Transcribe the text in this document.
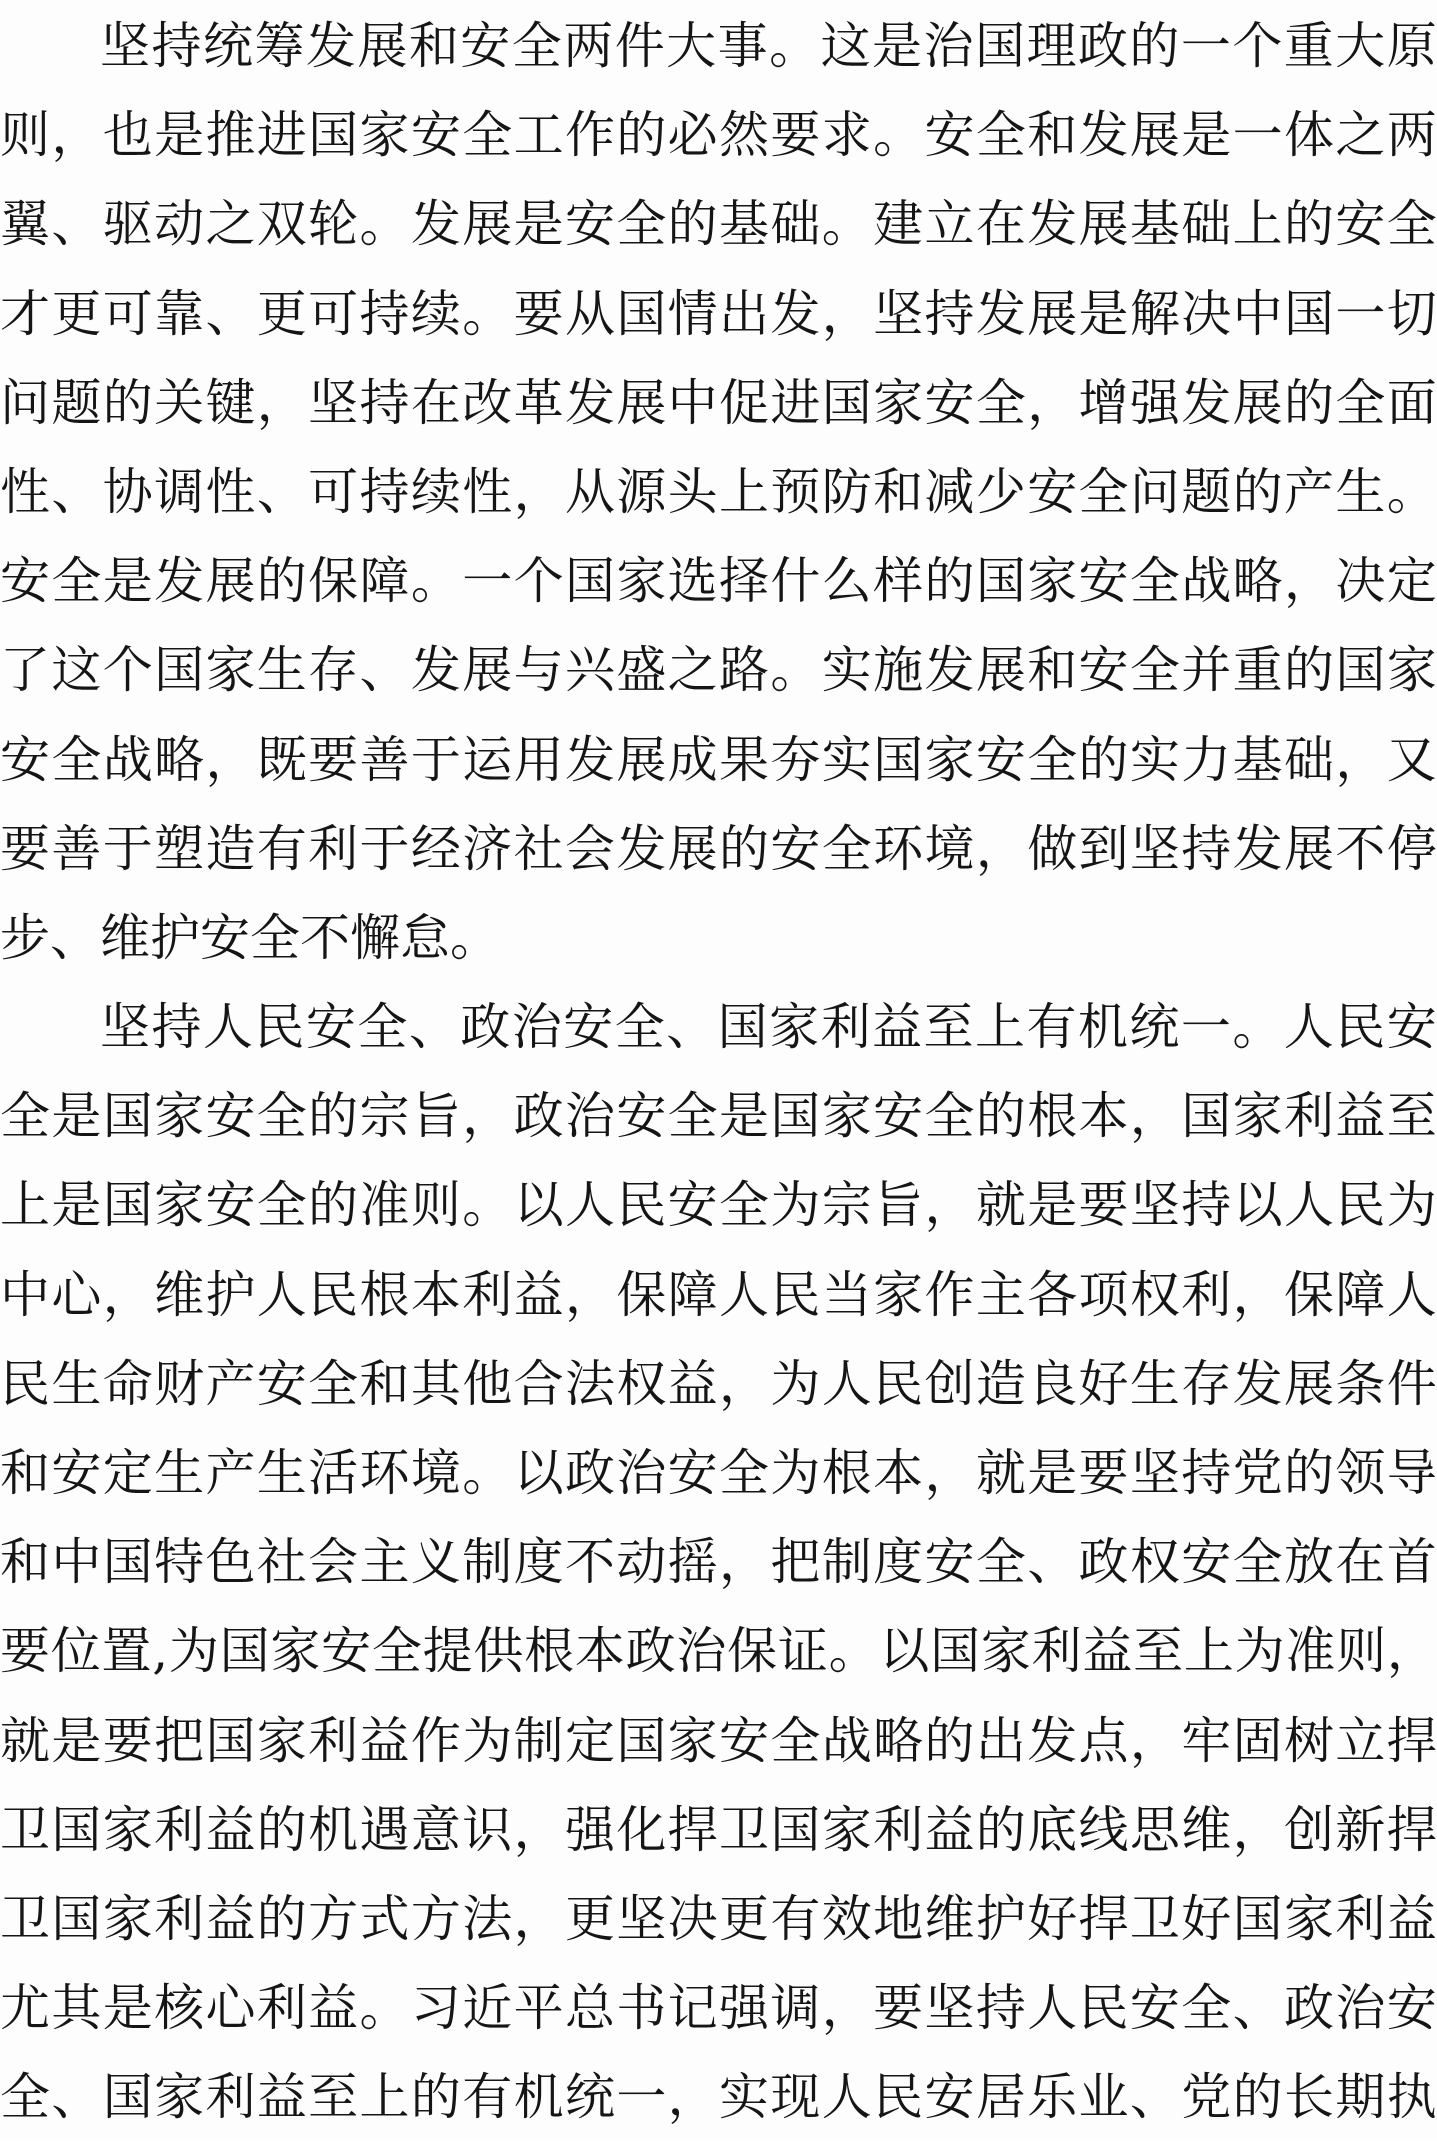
坚 持 统 筹 发 展 和 安 全 两 件 大 事 。 这 是 治 国 理 政 的 一 个 重 大 原
则 ， 也 是 推 进 国 家 安 全 工 作 的 必 然 要 求 。 安 全 和 发 展 是 一 体 之 两
翼 、 驱 动 之 双 轮 。 发 展 是 安 全 的 基 础 。 建 立 在 发 展 基 础 上 的 安 全
才 更 可 靠 、 更 可 持 续 。 要 从 国 情 出 发 ， 坚 持 发 展 是 解 决 中 国 一 切
问 题 的 关 键 ， 坚 持 在 改 革 发 展 中 促 进 国 家 安 全 ， 增 强 发 展 的 全 面
性 、 协 调 性 、 可 持 续 性 ， 从 源 头 上 预 防 和 减 少 安 全 问 题 的 产 生 。
安 全 是 发 展 的 保 障 。 一 个 国 家 选 择 什 么 样 的 国 家 安 全 战 略 ， 决 定
了 这 个 国 家 生 存 、 发 展 与 兴 盛 之 路 。 实 施 发 展 和 安 全 并 重 的 国 家
安 全 战 略 ， 既 要 善 于 运 用 发 展 成 果 夯 实 国 家 安 全 的 实 力 基 础 ， 又
要 善 于 塑 造 有 利 于 经 济 社 会 发 展 的 安 全 环 境 ， 做 到 坚 持 发 展 不 停
步 、 维 护 安 全 不 懈 怠 。
坚 持 人 民 安 全 、 政 治 安 全 、 国 家 利 益 至 上 有 机 统 一 。 人 民 安
全 是 国 家 安 全 的 宗 旨 ， 政 治 安 全 是 国 家 安 全 的 根 本 ， 国 家 利 益 至
上 是 国 家 安 全 的 准 则 。 以 人 民 安 全 为 宗 旨 ， 就 是 要 坚 持 以 人 民 为
中 心 ， 维 护 人 民 根 本 利 益 ， 保 障 人 民 当 家 作 主 各 项 权 利 ， 保 障 人
民 生 命 财 产 安 全 和 其 他 合 法 权 益 ， 为 人 民 创 造 良 好 生 存 发 展 条 件
和 安 定 生 产 生 活 环 境 。 以 政 治 安 全 为 根 本 ， 就 是 要 坚 持 党 的 领 导
和 中 国 特 色 社 会 主 义 制 度 不 动 摇 ， 把 制 度 安 全 、 政 权 安 全 放 在 首
要 位 置 , 为 国 家 安 全 提 供 根 本 政 治 保 证 。 以 国 家 利 益 至 上 为 准 则 ，
就 是 要 把 国 家 利 益 作 为 制 定 国 家 安 全 战 略 的 出 发 点 ， 牢 固 树 立 捍
卫 国 家 利 益 的 机 遇 意 识 ， 强 化 捍 卫 国 家 利 益 的 底 线 思 维 ， 创 新 捍
卫 国 家 利 益 的 方 式 方 法 ， 更 坚 决 更 有 效 地 维 护 好 捍 卫 好 国 家 利 益
尤 其 是 核 心 利 益 。 习 近 平 总 书 记 强 调 ， 要 坚 持 人 民 安 全 、 政 治 安
全 、 国 家 利 益 至 上 的 有 机 统 一 ， 实 现 人 民 安 居 乐 业 、 党 的 长 期 执
